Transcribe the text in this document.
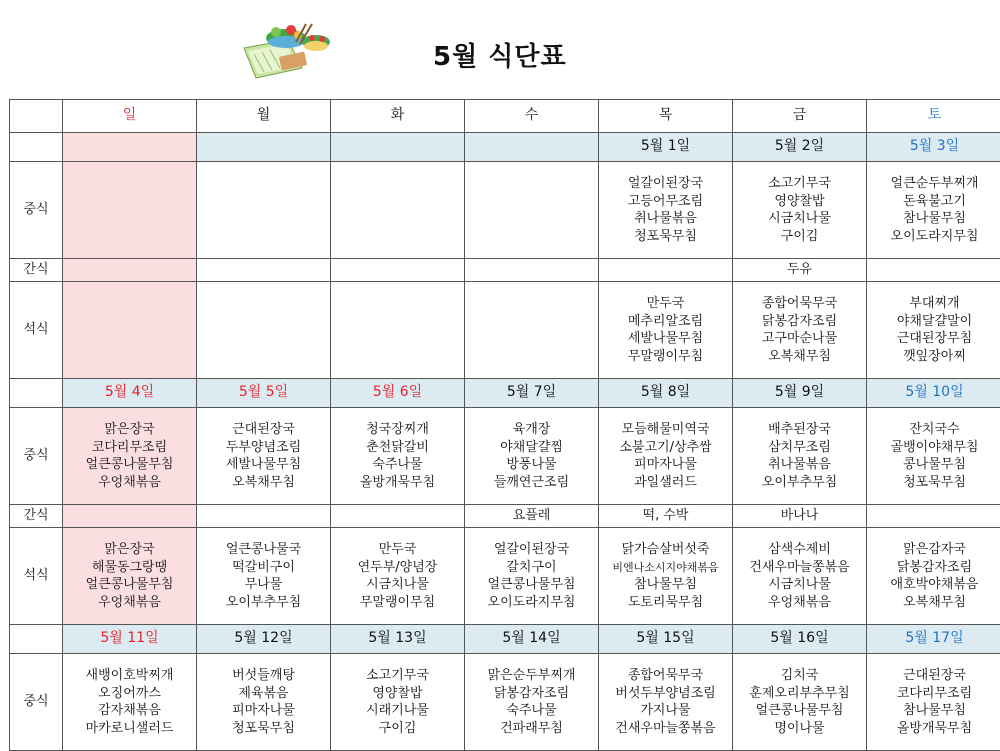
5월 식단표
	일	월	화	수	목	금	토
					5월 1일	5월 2일	5월 3일
중식					얼갈이된장국
고등어무조림
취나물볶음
청포묵무침	소고기무국
영양찰밥
시금치나물
구이김	얼큰순두부찌개
돈육불고기
참나물무침
오이도라지무침

간식						두유	
석식					만두국
메추리알조림
세발나물무침
무말랭이무침	종합어묵무국
닭봉감자조림
고구마순나물
오복채무침	부대찌개
야채달걀말이
근대된장무침
깻잎장아찌

	5월 4일	5월 5일	5월 6일	5월 7일	5월 8일	5월 9일	5월 10일
중식	맑은장국
코다리무조림
얼큰콩나물무침
우엉채볶음	근대된장국
두부양념조림
세발나물무침
오복채무침	청국장찌개
춘천닭갈비
숙주나물
올방개묵무침	육개장
야채달걀찜
방풍나물
들깨연근조림	모듬해물미역국
소불고기/상추쌈
피마자나물
과일샐러드	배추된장국
삼치무조림
취나물볶음
오이부추무침	잔치국수
골뱅이야채무침
콩나물무침
청포묵무침

간식				요플레	떡, 수박	바나나	
석식	맑은장국
해물동그랑땡
얼큰콩나물무침
우엉채볶음	얼큰콩나물국
떡갈비구이
무나물
오이부추무침	만두국
연두부/양념장
시금치나물
무말랭이무침	얼갈이된장국
갈치구이
얼큰콩나물무침
오이도라지무침	닭가슴살버섯죽
비엔나소시지야채볶음
참나물무침
도토리묵무침	삼색수제비
건새우마늘쫑볶음
시금치나물
우엉채볶음	맑은감자국
닭봉감자조림
애호박야채볶음
오복채무침

	5월 11일	5월 12일	5월 13일	5월 14일	5월 15일	5월 16일	5월 17일
중식	새뱅이호박찌개
오징어까스
감자채볶음
마카로니샐러드	버섯들깨탕
제육볶음
피마자나물
청포묵무침	소고기무국
영양찰밥
시래기나물
구이김	맑은순두부찌개
닭봉감자조림
숙주나물
건파래무침	종합어묵무국
버섯두부양념조림
가지나물
건새우마늘쫑볶음	김치국
훈제오리부추무침
얼큰콩나물무침
명이나물	근대된장국
코다리무조림
참나물무침
올방개묵무침
